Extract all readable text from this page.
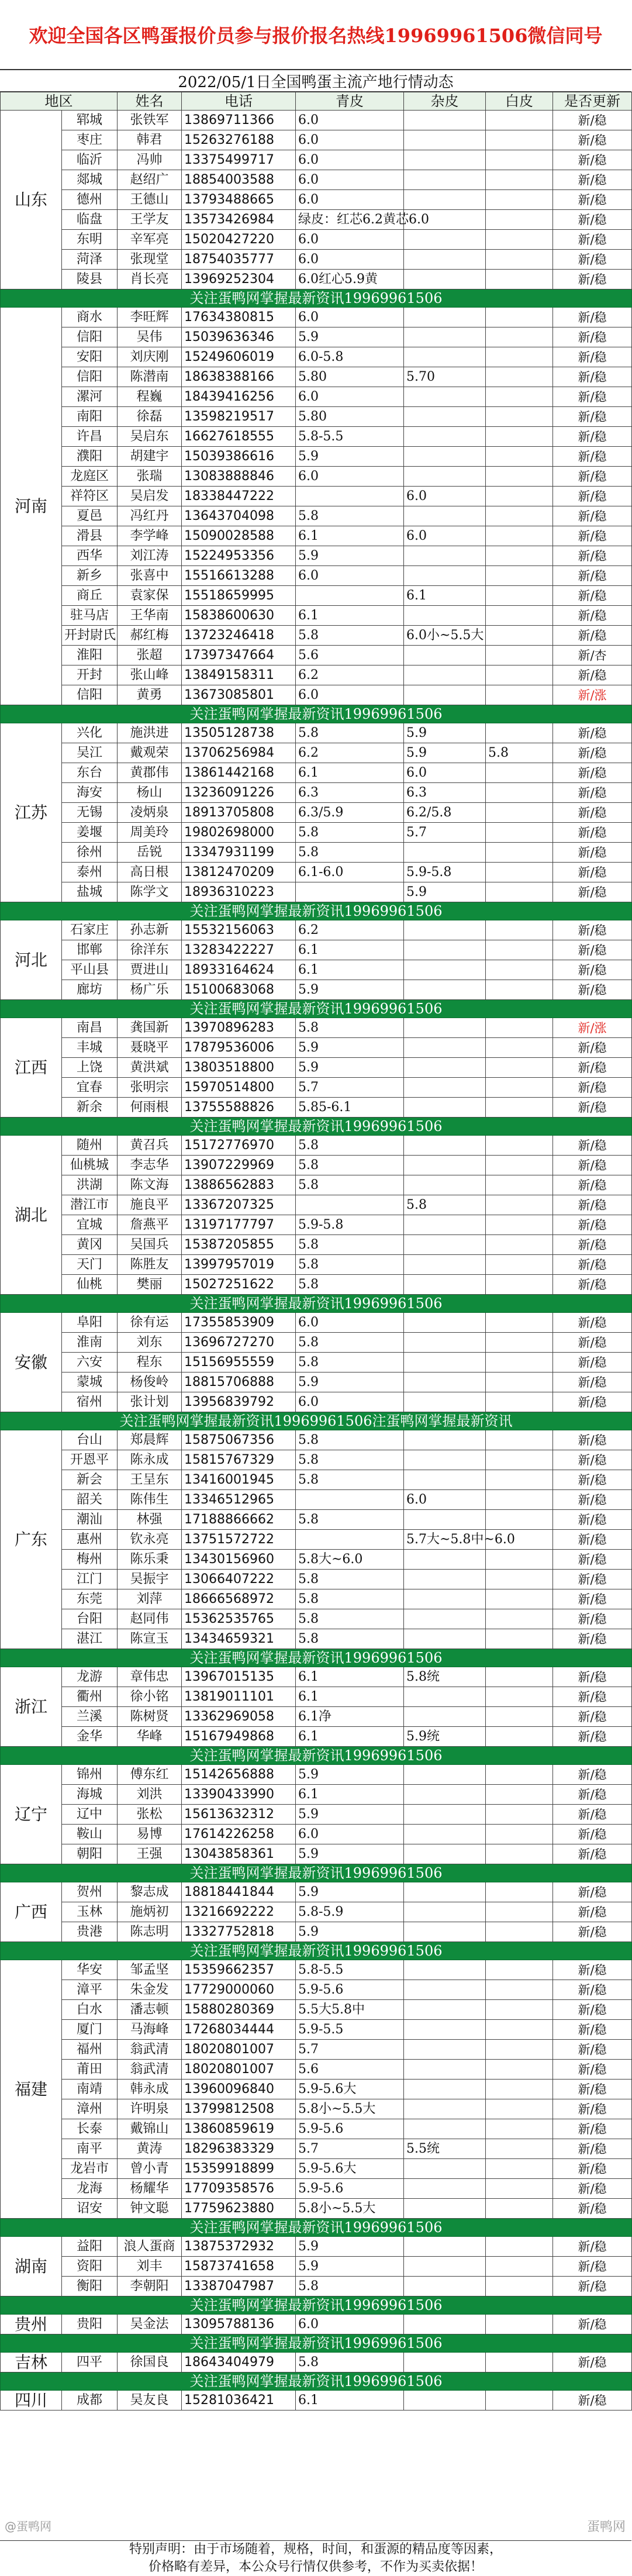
欢迎全国各区鸭蛋报价员参与报价报名热线19969961506微信同号
2022/05/1日全国鸭蛋主流产地行情动态
地区		姓名	电话	青皮	杂皮	白皮	是否更新
山东	郓城	张铁军	13869711366	6.0			新/稳
	枣庄	韩君	15263276188	6.0			新/稳
	临沂	冯帅	13375499717	6.0			新/稳
	郯城	赵绍广	18854003588	6.0			新/稳
	德州	王德山	13793488665	6.0			新/稳
	临盘	王学友	13573426984	绿皮：红芯6.2黄芯6.0			新/稳
	东明	辛军亮	15020427220	6.0			新/稳
	菏泽	张现堂	18754035777	6.0			新/稳
	陵县	肖长亮	13969252304	6.0红心5.9黄			新/稳
关注蛋鸭网掌握最新资讯19969961506							
河南	商水	李旺辉	17634380815	6.0			新/稳
	信阳	吴伟	15039636346	5.9			新/稳
	安阳	刘庆刚	15249606019	6.0-5.8			新/稳
	信阳	陈潜南	18638388166	5.80	5.70		新/稳
	漯河	程巍	18439416256	6.0			新/稳
	南阳	徐磊	13598219517	5.80			新/稳
	许昌	吴启东	16627618555	5.8-5.5			新/稳
	濮阳	胡建宇	15039386616	5.9			新/稳
	龙庭区	张瑞	13083888846	6.0			新/稳
	祥符区	吴启发	18338447222		6.0		新/稳
	夏邑	冯红丹	13643704098	5.8			新/稳
	滑县	李学峰	15090028588	6.1	6.0		新/稳
	西华	刘江涛	15224953356	5.9			新/稳
	新乡	张喜中	15516613288	6.0			新/稳
	商丘	袁家保	15518659995		6.1		新/稳
	驻马店	王华南	15838600630	6.1			新/稳
	开封尉氏	郝红梅	13723246418	5.8	6.0小~5.5大		新/稳
	淮阳	张超	17397347664	5.6			新/杏
	开封	张山峰	13849158311	6.2			新/稳
	信阳	黄勇	13673085801	6.0			新/涨
关注蛋鸭网掌握最新资讯19969961506							
江苏	兴化	施洪进	13505128738	5.8	5.9		新/稳
	吴江	戴观荣	13706256984	6.2	5.9	5.8	新/稳
	东台	黄郡伟	13861442168	6.1	6.0		新/稳
	海安	杨山	13236091226	6.3	6.3		新/稳
	无锡	凌炳泉	18913705808	6.3/5.9	6.2/5.8		新/稳
	姜堰	周美玲	19802698000	5.8	5.7		新/稳
	徐州	岳锐	13347931199	5.8			新/稳
	泰州	高日根	13812470209	6.1-6.0	5.9-5.8		新/稳
	盐城	陈学文	18936310223		5.9		新/稳
关注蛋鸭网掌握最新资讯19969961506							
河北	石家庄	孙志新	15532156063	6.2			新/稳
	邯郸	徐洋东	13283422227	6.1			新/稳
	平山县	贾进山	18933164624	6.1			新/稳
	廊坊	杨广乐	15100683068	5.9			新/稳
关注蛋鸭网掌握最新资讯19969961506							
江西	南昌	龚国新	13970896283	5.8			新/涨
	丰城	聂晓平	17879536006	5.9			新/稳
	上饶	黄洪斌	13803518800	5.9			新/稳
	宜春	张明宗	15970514800	5.7			新/稳
	新余	何雨根	13755588826	5.85-6.1			新/稳
关注蛋鸭网掌握最新资讯19969961506							
湖北	随州	黄召兵	15172776970	5.8			新/稳
	仙桃城	李志华	13907229969	5.8			新/稳
	洪湖	陈文海	13886562883	5.8			新/稳
	潜江市	施良平	13367207325		5.8		新/稳
	宜城	詹燕平	13197177797	5.9-5.8			新/稳
	黄冈	吴国兵	15387205855	5.8			新/稳
	天门	陈胜友	13997957019	5.8			新/稳
	仙桃	樊丽	15027251622	5.8			新/稳
关注蛋鸭网掌握最新资讯19969961506							
安徽	阜阳	徐有运	17355853909	6.0			新/稳
	淮南	刘东	13696727270	5.8			新/稳
	六安	程东	15156955559	5.8			新/稳
	蒙城	杨俊岭	18815706888	5.9			新/稳
	宿州	张计划	13956839792	6.0			新/稳
关注蛋鸭网掌握最新资讯19969961506注蛋鸭网掌握最新资讯							
广东	台山	郑晨辉	15875067356	5.8			新/稳
	开恩平	陈永成	15815767329	5.8			新/稳
	新会	王呈东	13416001945	5.8			新/稳
	韶关	陈伟生	13346512965		6.0		新/稳
	潮汕	林强	17188866662	5.8			新/稳
	惠州	钦永亮	13751572722		5.7大~5.8中~6.0		新/稳
	梅州	陈乐秉	13430156960	5.8大~6.0			新/稳
	江门	吴振宇	13066407222	5.8			新/稳
	东莞	刘萍	18666568972	5.8			新/稳
	台阳	赵同伟	15362535765	5.8			新/稳
	湛江	陈宣玉	13434659321	5.8			新/稳
关注蛋鸭网掌握最新资讯19969961506							
浙江	龙游	章伟忠	13967015135	6.1	5.8统		新/稳
	衢州	徐小铭	13819011101	6.1			新/稳
	兰溪	陈树贤	13362969058	6.1净			新/稳
	金华	华峰	15167949868	6.1	5.9统		新/稳
关注蛋鸭网掌握最新资讯19969961506							
辽宁	锦州	傅东红	15142656888	5.9			新/稳
	海城	刘洪	13390433990	6.1			新/稳
	辽中	张松	15613632312	5.9			新/稳
	鞍山	易博	17614226258	6.0			新/稳
	朝阳	王强	13043858361	5.9			新/稳
关注蛋鸭网掌握最新资讯19969961506							
广西	贺州	黎志成	18818441844	5.9			新/稳
	玉林	施炳初	13216692222	5.8-5.9			新/稳
	贵港	陈志明	13327752818	5.9			新/稳
关注蛋鸭网掌握最新资讯19969961506							
福建	华安	邹孟坚	15359662357	5.8-5.5			新/稳
	漳平	朱金发	17729000060	5.9-5.6			新/稳
	白水	潘志顿	15880280369	5.5大5.8中			新/稳
	厦门	马海峰	17268034444	5.9-5.5			新/稳
	福州	翁武清	18020801007	5.7			新/稳
	莆田	翁武清	18020801007	5.6			新/稳
	南靖	韩永成	13960096840	5.9-5.6大			新/稳
	漳州	许明泉	13799812508	5.8小~5.5大			新/稳
	长泰	戴锦山	13860859619	5.9-5.6			新/稳
	南平	黄涛	18296383329	5.7	5.5统		新/稳
	龙岩市	曾小青	15359918899	5.9-5.6大			新/稳
	龙海	杨耀华	17709358576	5.9-5.6			新/稳
	诏安	钟文聪	17759623880	5.8小~5.5大			新/稳
关注蛋鸭网掌握最新资讯19969961506							
湖南	益阳	浪人蛋商	13875372932	5.9			新/稳
	资阳	刘丰	15873741658	5.9			新/稳
	衡阳	李朝阳	13387047987	5.8			新/稳
关注蛋鸭网掌握最新资讯19969961506							
贵州	贵阳	吴金法	13095788136	6.0			新/稳
关注蛋鸭网掌握最新资讯19969961506							
吉林	四平	徐国良	18643404979	5.8			新/稳
关注蛋鸭网掌握最新资讯19969961506							
四川	成都	吴友良	15281036421	6.1			新/稳
@蛋鸭网	蛋鸭网
特别声明：由于市场随着，规格，时间，和蛋源的精品度等因素，
价格略有差异，本公众号行情仅供参考，不作为买卖依据！
